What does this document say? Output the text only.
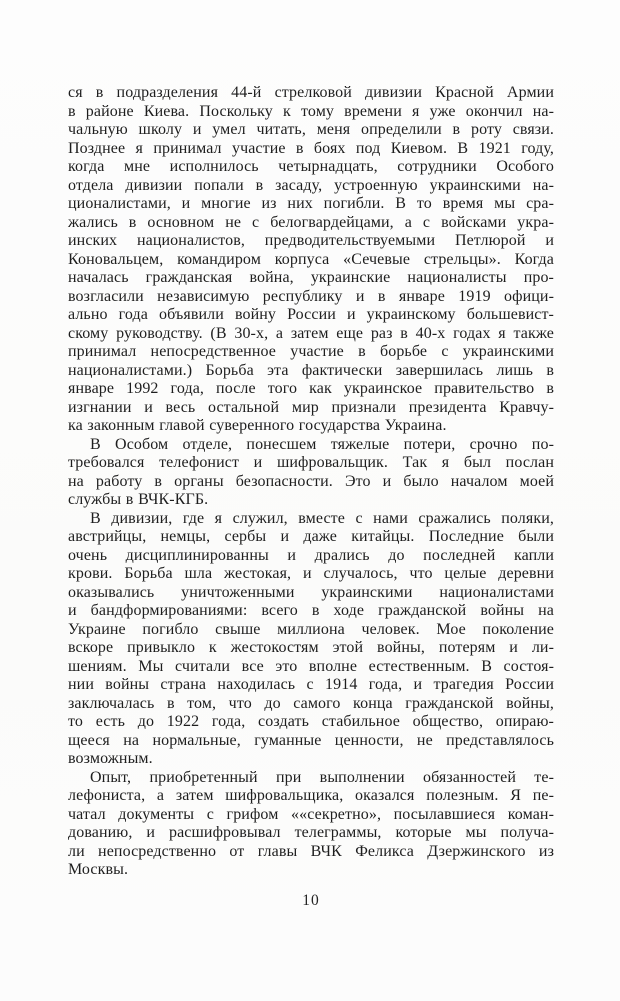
ся в подразделения 44-й стрелковой дивизии Красной Армии
в районе Киева. Поскольку к тому времени я уже окончил на-
чальную школу и умел читать, меня определили в роту связи.
Позднее я принимал участие в боях под Киевом. В 1921 году,
когда мне исполнилось четырнадцать, сотрудники Особого
отдела дивизии попали в засаду, устроенную украинскими на-
ционалистами, и многие из них погибли. В то время мы сра-
жались в основном не с белогвардейцами, а с войсками укра-
инских националистов, предводительствуемыми Петлюрой и
Коновальцем, командиром корпуса «Сечевые стрельцы». Когда
началась гражданская война, украинские националисты про-
возгласили независимую республику и в январе 1919 офици-
ально года объявили войну России и украинскому большевист-
скому руководству. (В 30-х, а затем еще раз в 40-х годах я также
принимал непосредственное участие в борьбе с украинскими
националистами.) Борьба эта фактически завершилась лишь в
январе 1992 года, после того как украинское правительство в
изгнании и весь остальной мир признали президента Кравчу-
ка законным главой суверенного государства Украина.
В Особом отделе, понесшем тяжелые потери, срочно по-
требовался телефонист и шифровальщик. Так я был послан
на работу в органы безопасности. Это и было началом моей
службы в ВЧК-КГБ.
В дивизии, где я служил, вместе с нами сражались поляки,
австрийцы, немцы, сербы и даже китайцы. Последние были
очень дисциплинированны и дрались до последней капли
крови. Борьба шла жестокая, и случалось, что целые деревни
оказывались уничтоженными украинскими националистами
и бандформированиями: всего в ходе гражданской войны на
Украине погибло свыше миллиона человек. Мое поколение
вскоре привыкло к жестокостям этой войны, потерям и ли-
шениям. Мы считали все это вполне естественным. В состоя-
нии войны страна находилась с 1914 года, и трагедия России
заключалась в том, что до самого конца гражданской войны,
то есть до 1922 года, создать стабильное общество, опираю-
щееся на нормальные, гуманные ценности, не представлялось
возможным.
Опыт, приобретенный при выполнении обязанностей те-
лефониста, а затем шифровальщика, оказался полезным. Я пе-
чатал документы с грифом ««секретно», посылавшиеся коман-
дованию, и расшифровывал телеграммы, которые мы получа-
ли непосредственно от главы ВЧК Феликса Дзержинского из
Москвы.
10
